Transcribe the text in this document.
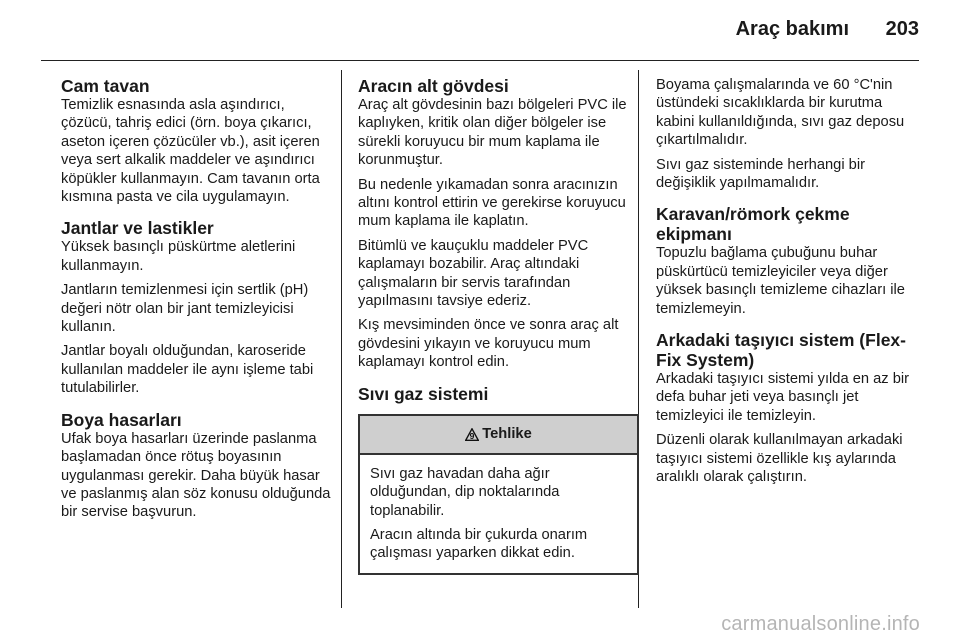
Araç bakımı 203
Cam tavan

Temizlik esnasında asla aşındırıcı, çözücü, tahriş edici (örn. boya çıkarıcı, aseton içeren çözücüler vb.), asit içeren veya sert alkalik maddeler ve aşındırıcı köpükler kullanmayın. Cam tavanın orta kısmına pasta ve cila uygulamayın.

Jantlar ve lastikler

Yüksek basınçlı püskürtme aletlerini kullanmayın.

Jantların temizlenmesi için sertlik (pH) değeri nötr olan bir jant temizleyicisi kullanın.

Jantlar boyalı olduğundan, karoseride kullanılan maddeler ile aynı işleme tabi tutulabilirler.

Boya hasarları

Ufak boya hasarları üzerinde paslanma başlamadan önce rötuş boyasının uygulanması gerekir. Daha büyük hasar ve paslanmış alan söz konusu olduğunda bir servise başvurun.

Aracın alt gövdesi

Araç alt gövdesinin bazı bölgeleri PVC ile kaplıyken, kritik olan diğer bölgeler ise sürekli koruyucu bir mum kaplama ile korunmuştur.

Bu nedenle yıkamadan sonra aracınızın altını kontrol ettirin ve gerekirse koruyucu mum kaplama ile kaplatın.

Bitümlü ve kauçuklu maddeler PVC kaplamayı bozabilir. Araç altındaki çalışmaların bir servis tarafından yapılmasını tavsiye ederiz.

Kış mevsiminden önce ve sonra araç alt gövdesini yıkayın ve koruyucu mum kaplamayı kontrol edin.

Sıvı gaz sistemi
9 Tehlike

Sıvı gaz havadan daha ağır olduğundan, dip noktalarında toplanabilir.

Aracın altında bir çukurda onarım çalışması yaparken dikkat edin.

Boyama çalışmalarında ve 60 °C'nin üstündeki sıcaklıklarda bir kurutma kabini kullanıldığında, sıvı gaz deposu çıkartılmalıdır.

Sıvı gaz sisteminde herhangi bir değişiklik yapılmamalıdır.

Karavan/römork çekme ekipmanı

Topuzlu bağlama çubuğunu buhar püskürtücü temizleyiciler veya diğer yüksek basınçlı temizleme cihazları ile temizlemeyin.

Arkadaki taşıyıcı sistem (Flex-Fix System)

Arkadaki taşıyıcı sistemi yılda en az bir defa buhar jeti veya basınçlı jet temizleyici ile temizleyin.

Düzenli olarak kullanılmayan arkadaki taşıyıcı sistemi özellikle kış aylarında aralıklı olarak çalıştırın.

carmanualsonline.info
